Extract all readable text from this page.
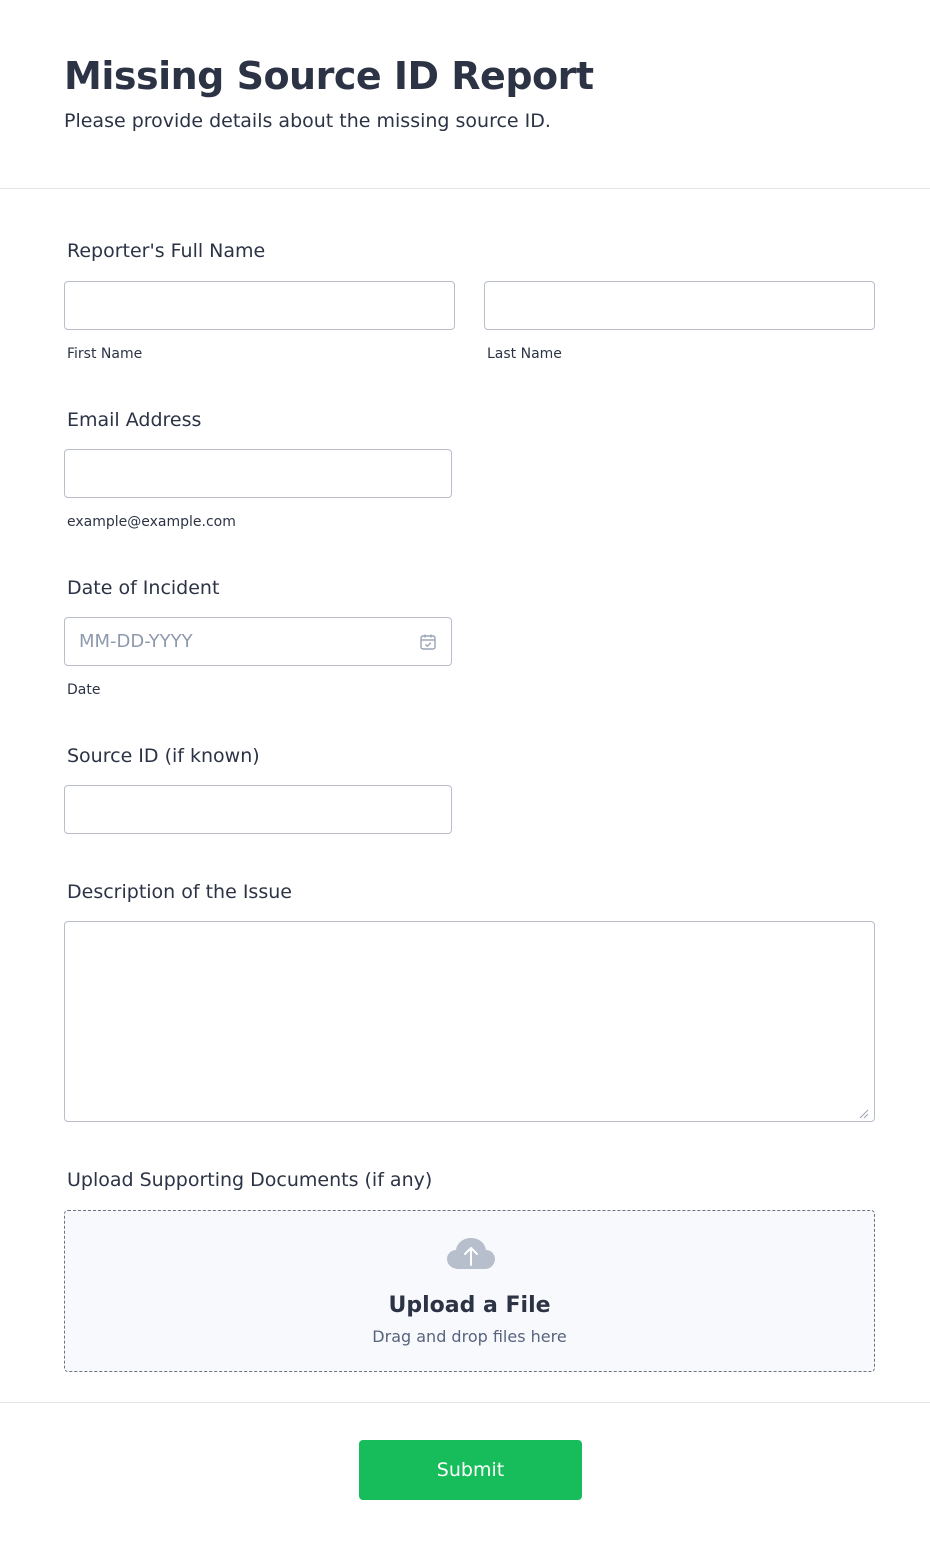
Missing Source ID Report

Please provide details about the missing source ID.

Reporter's Full Name
First Name	Last Name
Email Address
example@example.com
Date of Incident
MM-DD-YYYY
Date
Source ID (if known)
Description of the Issue
Upload Supporting Documents (if any)
Upload a File
Drag and drop files here
Submit
